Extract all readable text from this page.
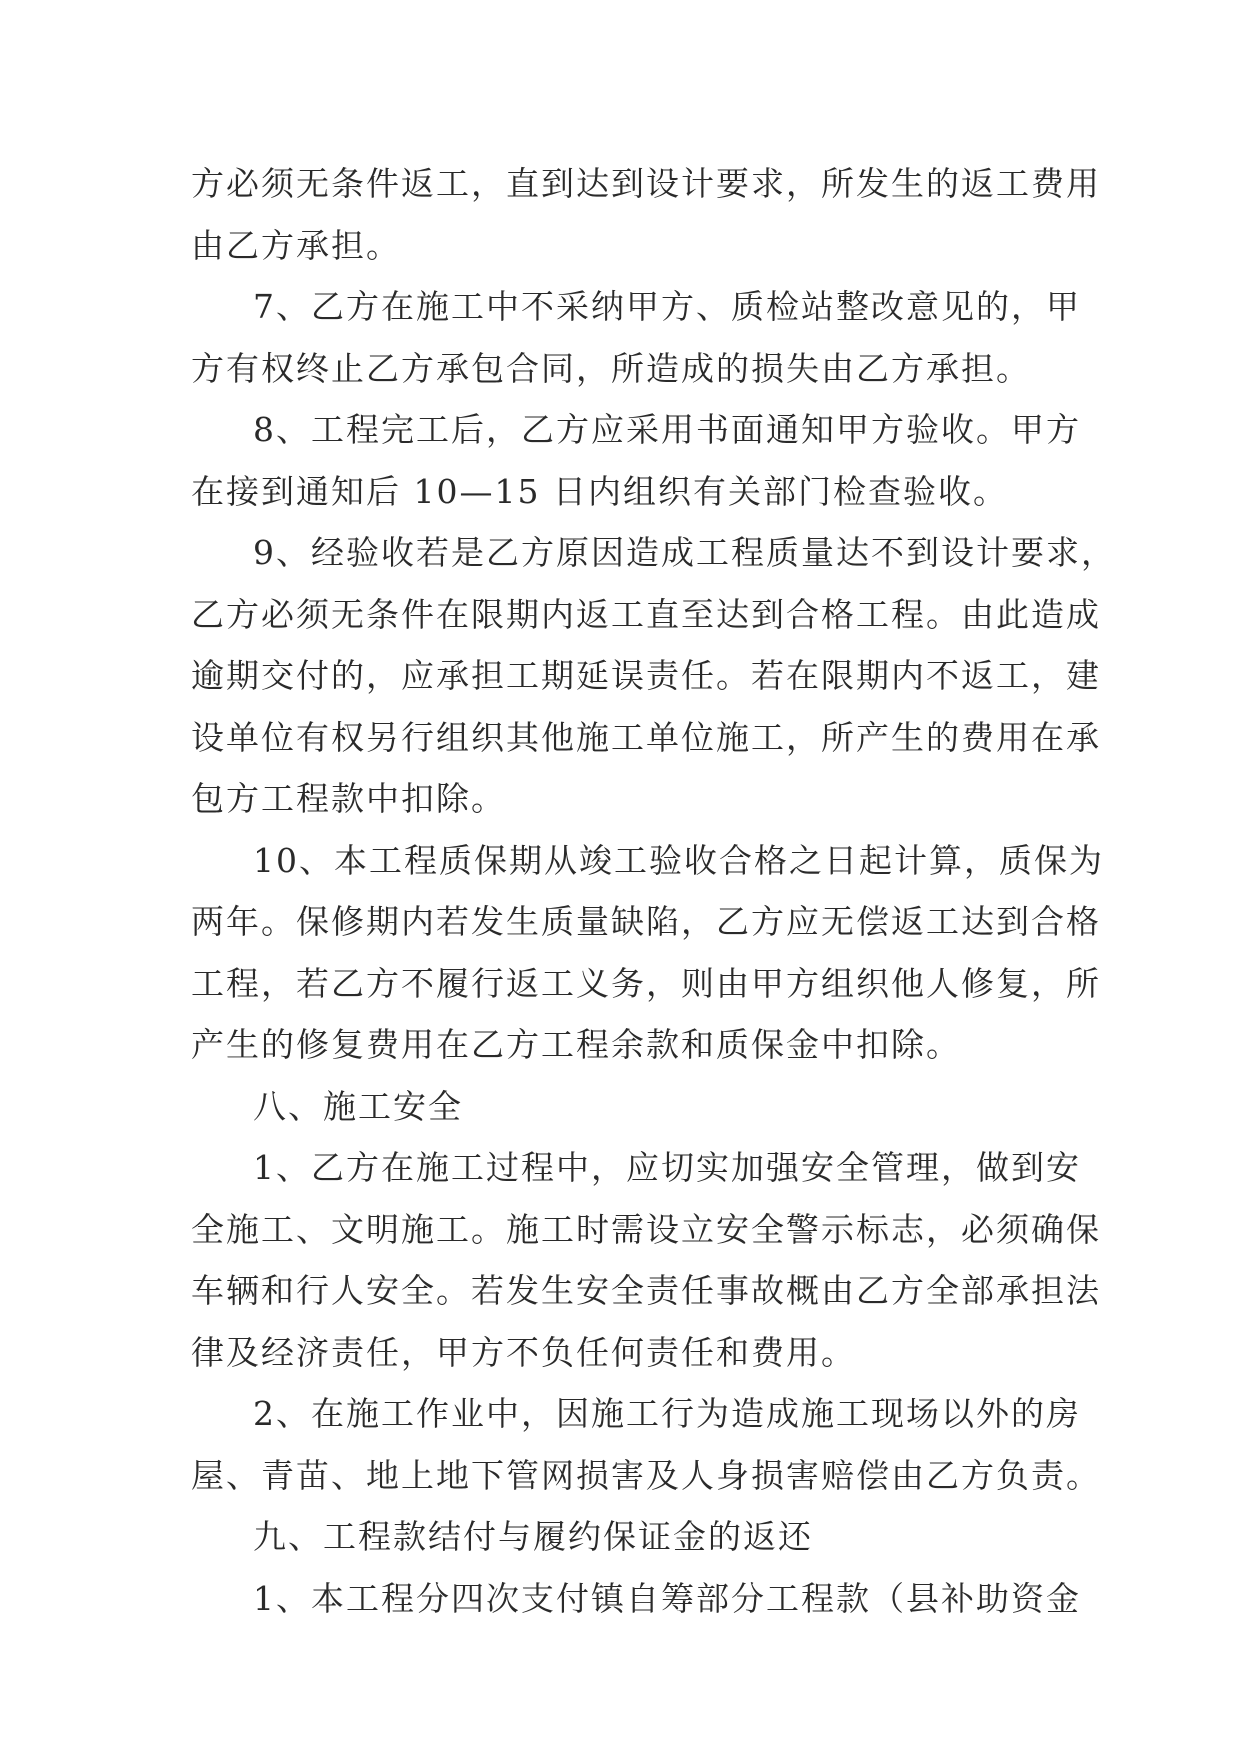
方必须无条件返工，直到达到设计要求，所发生的返工费用
由乙方承担。
7、乙方在施工中不采纳甲方、质检站整改意见的，甲
方有权终止乙方承包合同，所造成的损失由乙方承担。
8、工程完工后，乙方应采用书面通知甲方验收。甲方
在接到通知后 10—15 日内组织有关部门检查验收。
9、经验收若是乙方原因造成工程质量达不到设计要求，
乙方必须无条件在限期内返工直至达到合格工程。由此造成
逾期交付的，应承担工期延误责任。若在限期内不返工，建
设单位有权另行组织其他施工单位施工，所产生的费用在承
包方工程款中扣除。
10、本工程质保期从竣工验收合格之日起计算，质保为
两年。保修期内若发生质量缺陷，乙方应无偿返工达到合格
工程，若乙方不履行返工义务，则由甲方组织他人修复，所
产生的修复费用在乙方工程余款和质保金中扣除。
八、施工安全
1、乙方在施工过程中，应切实加强安全管理，做到安
全施工、文明施工。施工时需设立安全警示标志，必须确保
车辆和行人安全。若发生安全责任事故概由乙方全部承担法
律及经济责任，甲方不负任何责任和费用。
2、在施工作业中，因施工行为造成施工现场以外的房
屋、青苗、地上地下管网损害及人身损害赔偿由乙方负责。
九、工程款结付与履约保证金的返还
1、本工程分四次支付镇自筹部分工程款（县补助资金
